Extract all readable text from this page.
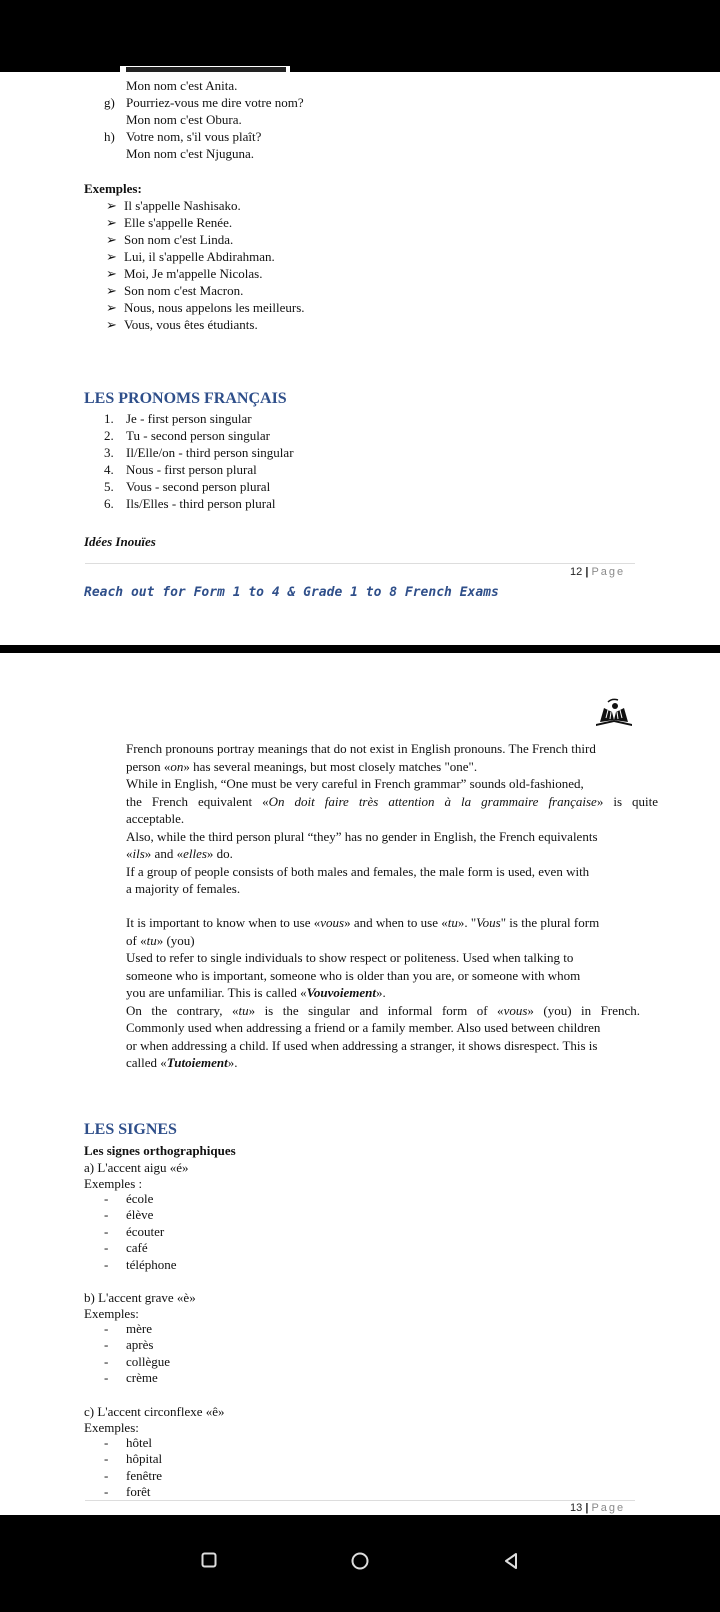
Mon nom c'est Anita.
g) Pourriez-vous me dire votre nom?
Mon nom c'est Obura.
h) Votre nom, s'il vous plaît?
Mon nom c'est Njuguna.
Exemples:
➢ Il s'appelle Nashisako.
➢ Elle s'appelle Renée.
➢ Son nom c'est Linda.
➢ Lui, il s'appelle Abdirahman.
➢ Moi, Je m'appelle Nicolas.
➢ Son nom c'est Macron.
➢ Nous, nous appelons les meilleurs.
➢ Vous, vous êtes étudiants.
LES PRONOMS FRANÇAIS
1. Je - first person singular
2. Tu - second person singular
3. Il/Elle/on - third person singular
4. Nous - first person plural
5. Vous - second person plural
6. Ils/Elles - third person plural
Idées Inouïes
12 | Page
Reach out for Form 1 to 4 & Grade 1 to 8 French Exams
French pronouns portray meanings that do not exist in English pronouns. The French third
person «on» has several meanings, but most closely matches "one".
While in English, “One must be very careful in French grammar” sounds old-fashioned,
the French equivalent «On doit faire très attention à la grammaire française» is quite
acceptable.
Also, while the third person plural “they” has no gender in English, the French equivalents
«ils» and «elles» do.
If a group of people consists of both males and females, the male form is used, even with
a majority of females.
It is important to know when to use «vous» and when to use «tu». "Vous" is the plural form
of «tu» (you)
Used to refer to single individuals to show respect or politeness. Used when talking to
someone who is important, someone who is older than you are, or someone with whom
you are unfamiliar. This is called «Vouvoiement».
On the contrary, «tu» is the singular and informal form of «vous» (you) in French.
Commonly used when addressing a friend or a family member. Also used between children
or when addressing a child. If used when addressing a stranger, it shows disrespect. This is
called «Tutoiement».
LES SIGNES
Les signes orthographiques
a) L'accent aigu «é»
Exemples :
- école
- élève
- écouter
- café
- téléphone
b) L'accent grave «è»
Exemples:
- mère
- après
- collègue
- crème
c) L'accent circonflexe «ê»
Exemples:
- hôtel
- hôpital
- fenêtre
- forêt
13 | Page
